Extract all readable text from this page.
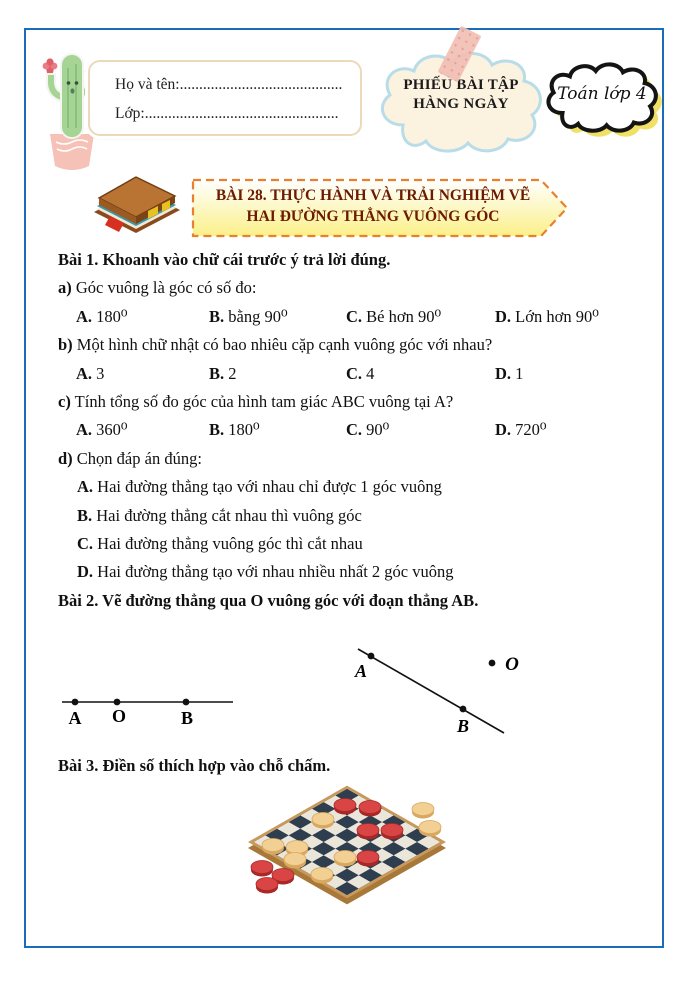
Họ và tên:..........................................
Lớp:..................................................
PHIẾU BÀI TẬP HÀNG NGÀY	Toán lớp 4
BÀI 28. THỰC HÀNH VÀ TRẢI NGHIỆM VẼ HAI ĐƯỜNG THẲNG VUÔNG GÓC

Bài 1. Khoanh vào chữ cái trước ý trả lời đúng.

a) Góc vuông là góc có số đo:

A. 180⁰	B. bằng 90⁰	C. Bé hơn 90⁰	D. Lớn hơn 90⁰

b) Một hình chữ nhật có bao nhiêu cặp cạnh vuông góc với nhau?

A. 3	B. 2	C. 4	D. 1

c) Tính tổng số đo góc của hình tam giác ABC vuông tại A?

A. 360⁰	B. 180⁰	C. 90⁰	D. 720⁰

d) Chọn đáp án đúng:

A. Hai đường thẳng tạo với nhau chỉ được 1 góc vuông

B. Hai đường thẳng cắt nhau thì vuông góc

C. Hai đường thẳng vuông góc thì cắt nhau

D. Hai đường thẳng tạo với nhau nhiều nhất 2 góc vuông

Bài 2. Vẽ đường thẳng qua O vuông góc với đoạn thẳng AB.

A O	B
A
B
O

Bài 3. Điền số thích hợp vào chỗ chấm.
